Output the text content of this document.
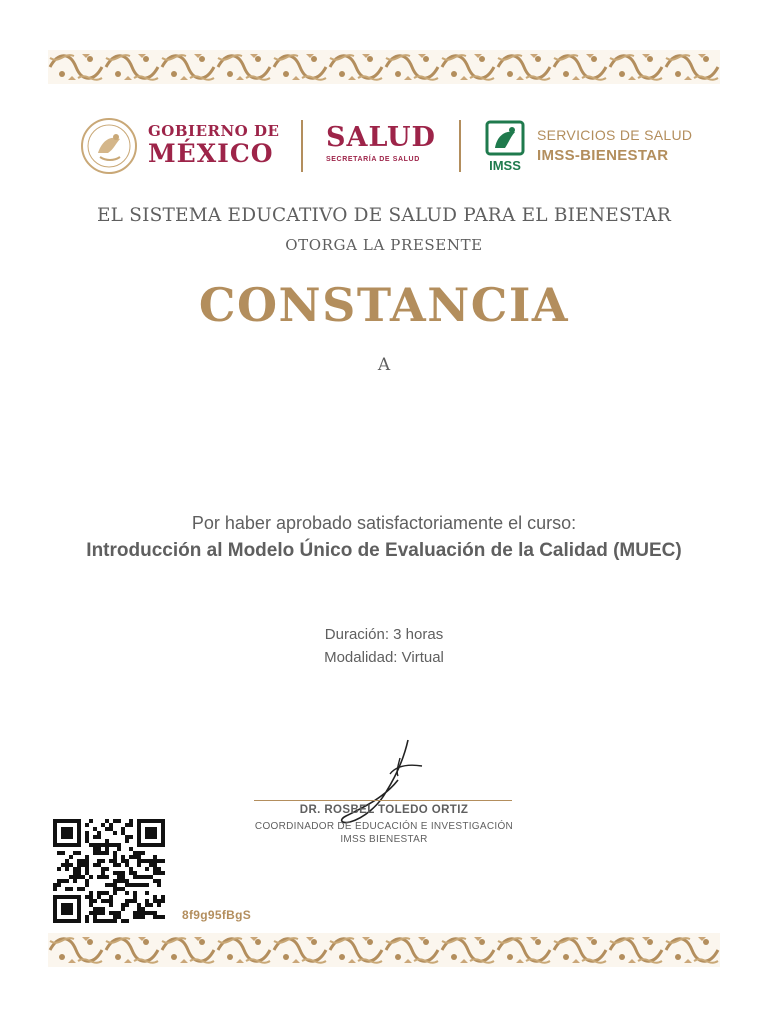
GOBIERNO DE
MÉXICO
SALUD
SECRETARÍA DE SALUD	IMSS
SERVICIOS DE SALUD
IMSS-BIENESTAR
EL SISTEMA EDUCATIVO DE SALUD PARA EL BIENESTAR
OTORGA LA PRESENTE
CONSTANCIA
A
Por haber aprobado satisfactoriamente el curso:
Introducción al Modelo Único de Evaluación de la Calidad (MUEC)
Duración: 3 horas
Modalidad: Virtual
DR. ROSBEL TOLEDO ORTIZ
COORDINADOR DE EDUCACIÓN E INVESTIGACIÓN
IMSS BIENESTAR
8f9g95fBgS
